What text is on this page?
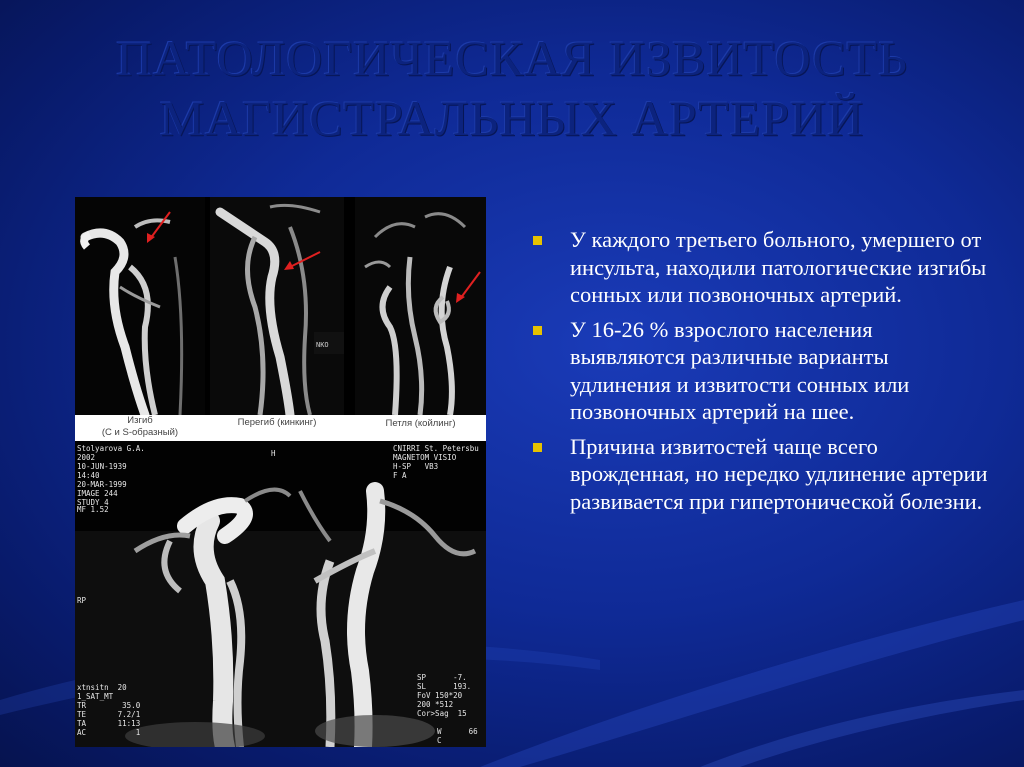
ПАТОЛОГИЧЕСКАЯ ИЗВИТОСТЬ
МАГИСТРАЛЬНЫХ АРТЕРИЙ
NKO
Изгиб
(С и S-образный)
Перегиб (кинкинг)	Петля (койлинг)
Stolyarova G.A.
2002
10-JUN-1939
14:40
20-MAR-1999
IMAGE 244
STUDY 4
H
CNIRRI St. Petersbu
MAGNETOM VISIO
H-SP   VB3
F A
MF 1.52
RP
xtnsitn  20
1_SAT_MT
TR        35.0
TE       7.2/1
TA       11:13
AC           1
SP      -7.
SL      193.
FoV 150*20
200 *512
Cor>Sag  15
W      66
C
У каждого третьего больного, умершего от инсульта, находили патологические изгибы сонных или позвоночных артерий.
У 16-26 % взрослого населения выявляются различные варианты удлинения и извитости сонных или позвоночных артерий на шее.
Причина извитостей чаще всего врожденная, но нередко удлинение артерии развивается при гипертонической болезни.
